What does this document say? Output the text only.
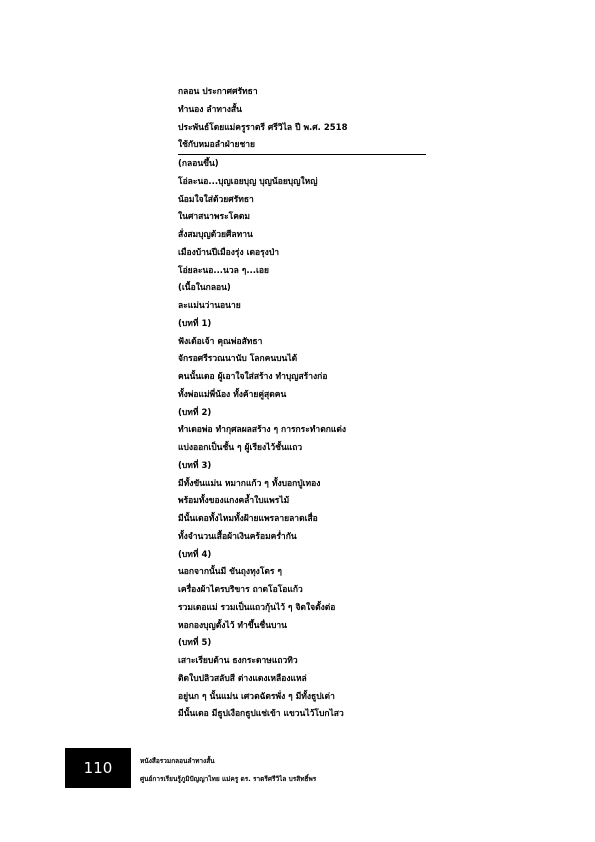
กลอน ประกาศศรัทธา
ทำนอง ลำทางสั้น
ประพันธ์โดยแม่ครูราตรี ศรีวิไล ปี พ.ศ. 2518
ใช้กับหมอลำฝ่ายชาย
(กลอนขึ้น)
โอ่ละนอ...บุญเอยบุญ บุญน้อยบุญใหญ่
น้อมใจใส่ด้วยศรัทธา
ในศาสนาพระโคดม
สั่งสมบุญด้วยศีลทาน
เมืองบ้านปีเมืองรุ่ง เดอรุงป่า
โอ่ยละนอ...นวล ๆ...เอย
(เนื้อในกลอน)
ละแม่นว่านอนาย
(บทที่ 1)
ฟังเด้อเจ้า คุณพ่อสัทธา
จักรอศรีรวณนานับ โลกคนบนได้
คนนั้นเดอ ผู้เอาใจใส่สร้าง ทำบุญสร้างก่อ
ทั้งพ่อแม่พี่น้อง ทั้งค้ายคู่สุดคน
(บทที่ 2)
ทำเดอพ่อ ทำกุศลผลสร้าง ๆ การกระทำตกแต่ง
แบ่งออกเป็นชั้น ๆ ผู้เรียงไว้ชั้นแถว
(บทที่ 3)
มีทั้งขันแม่น หมากแก้ว ๆ ทั้งบอกปู่เทอง
พร้อมทั้งของแกงคล้ำใบแพรไม้
มีนั้นเดอทั้งไหมทั้งฝ้ายแพรลายลาดเสื่อ
ทั้งจำนวนเสื้อผ้าเงินคร้อมคร่ำกัน
(บทที่ 4)
นอกจากนั้นมี ขันถุงทุงโตร ๆ
เครื่องผ้าไตรบริขาร ถาดโอโอแก้ว
รวมเดอแม่ รวมเป็นแถวกุ้นไว้ ๆ จิตใจตั้งต่อ
หอกองบุญตั้งไว้ ทำขึ้นชื่นบาน
(บทที่ 5)
เสาะเรียบต้าน ธงกระดาษแถวทิว
ติดใบปลิวสลับสี ต่างแดงเหลืองแหล่
อยู่นก ๆ นั้นแม่น เศวตฉัตรพั่ง ๆ มีทั้งธูปเต่า
มีนั้นเดอ มีธูปเงือกธูปแช่เข้า แขวนไว้โบกไสว
110	หนังสือรวมกลอนลำทางสั้น
ศูนย์การเรียนรู้ภูมิปัญญาไทย แม่ครู ดร. ราตรีศรีวิไล บรสิทธิ์พร
